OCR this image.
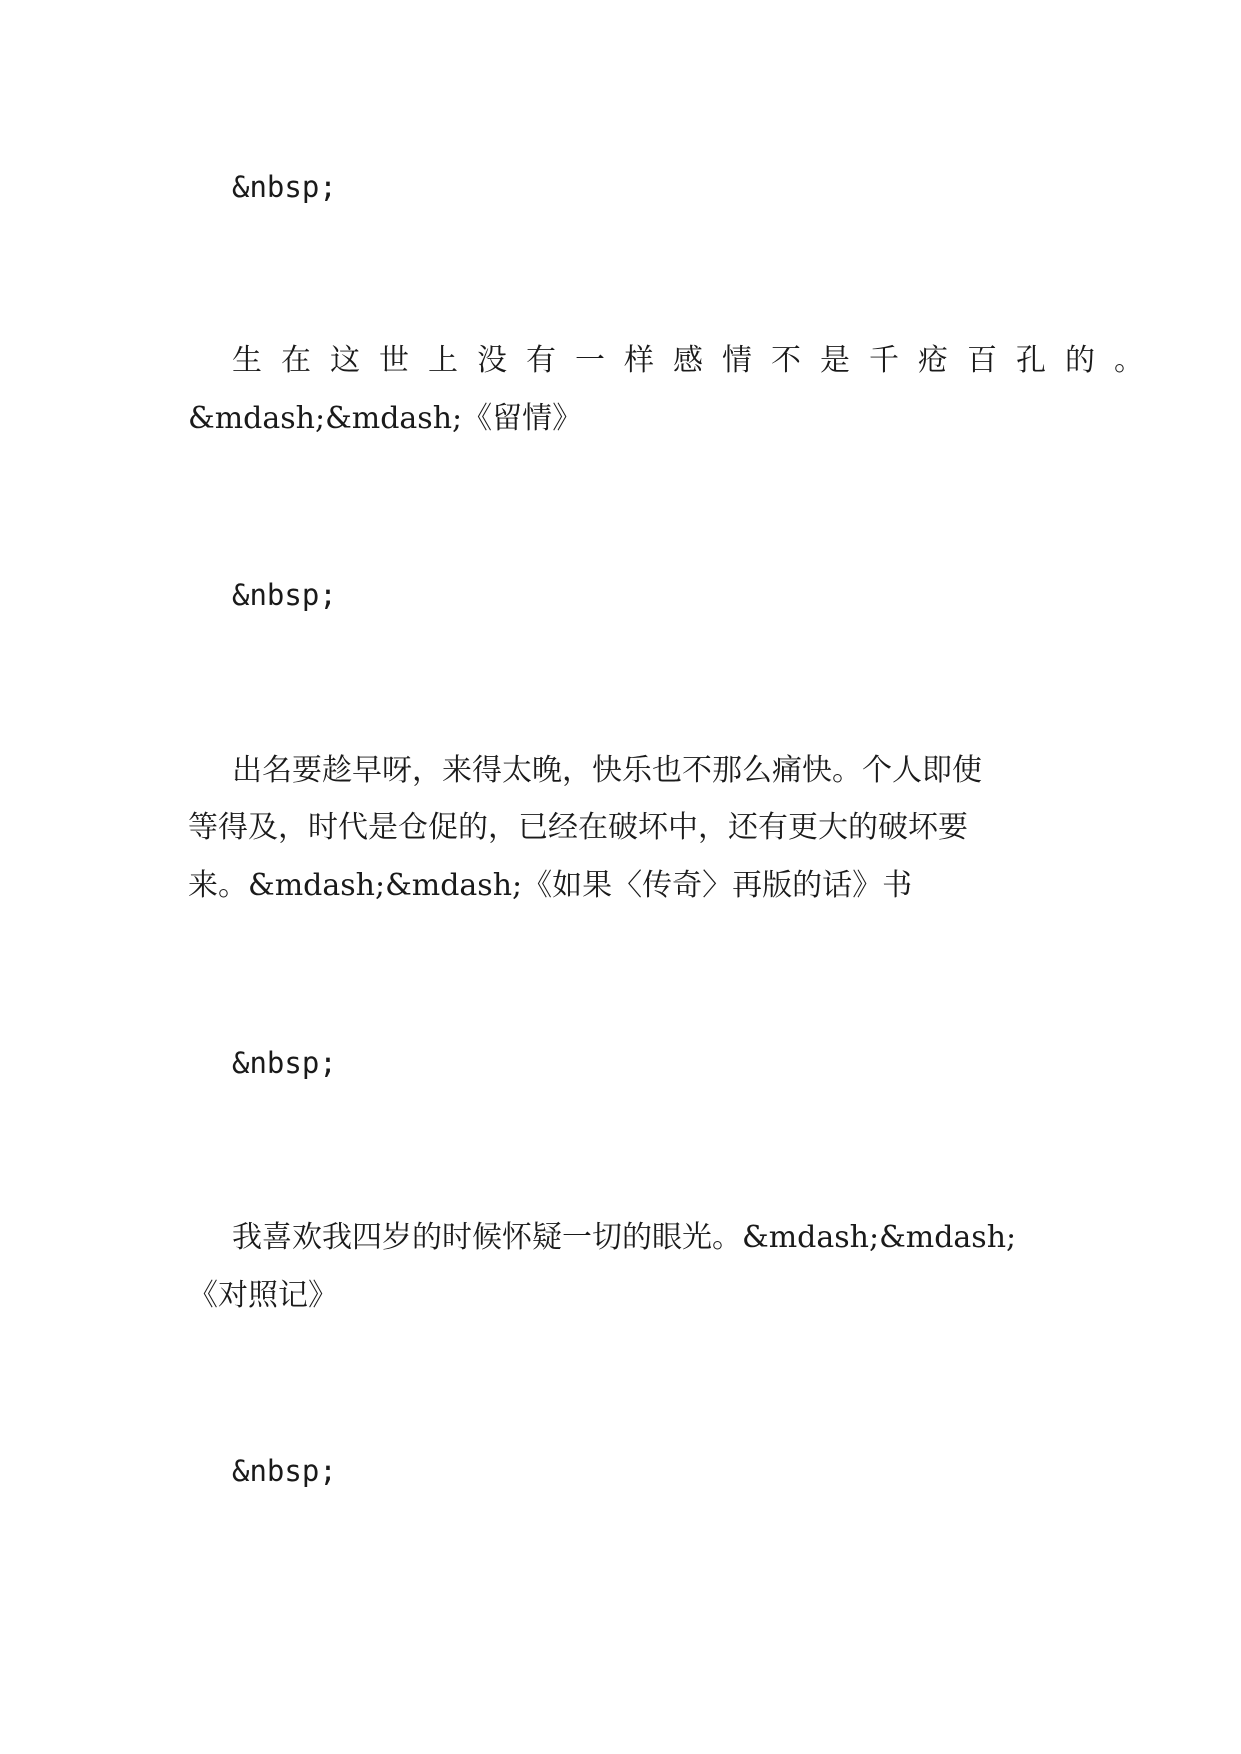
&nbsp;
生在这世上没有一样感情不是千疮百孔的。
&mdash;&mdash;《留情》
&nbsp;
出名要趁早呀，来得太晚，快乐也不那么痛快。个人即使
等得及，时代是仓促的，已经在破坏中，还有更大的破坏要
来。&mdash;&mdash;《如果〈传奇〉再版的话》书
&nbsp;
我喜欢我四岁的时候怀疑一切的眼光。&mdash;&mdash;
《对照记》
&nbsp;
